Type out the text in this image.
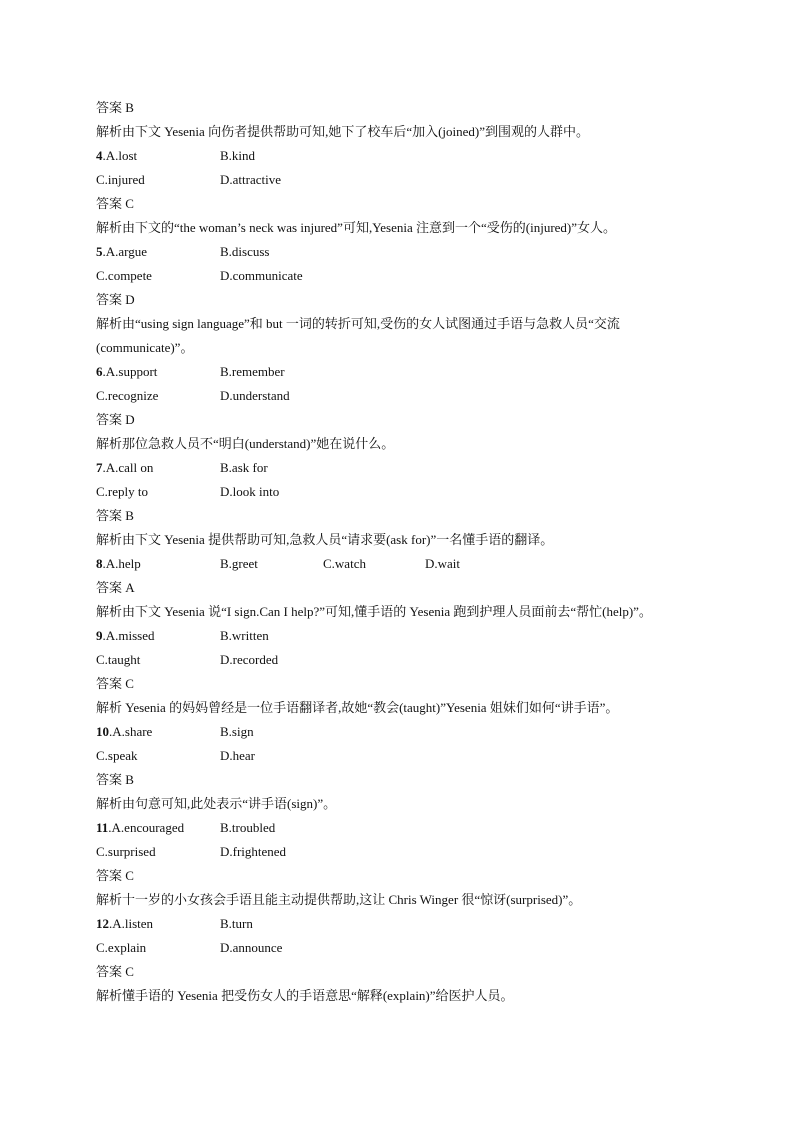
答案 B
解析由下文 Yesenia 向伤者提供帮助可知,她下了校车后“加入(joined)”到围观的人群中。
4.A.lost	B.kind
C.injured	D.attractive
答案 C
解析由下文的“the woman’s neck was injured”可知,Yesenia 注意到一个“受伤的(injured)”女人。
5.A.argue	B.discuss
C.compete	D.communicate
答案 D
解析由“using sign language”和 but 一词的转折可知,受伤的女人试图通过手语与急救人员“交流(communicate)”。
6.A.support	B.remember
C.recognize	D.understand
答案 D
解析那位急救人员不“明白(understand)”她在说什么。
7.A.call on	B.ask for
C.reply to	D.look into
答案 B
解析由下文 Yesenia 提供帮助可知,急救人员“请求要(ask for)”一名懂手语的翻译。
8.A.help	B.greet	C.watch	D.wait
答案 A
解析由下文 Yesenia 说“I sign.Can I help?”可知,懂手语的 Yesenia 跑到护理人员面前去“帮忙(help)”。
9.A.missed	B.written
C.taught	D.recorded
答案 C
解析 Yesenia 的妈妈曾经是一位手语翻译者,故她“教会(taught)”Yesenia 姐妹们如何“讲手语”。
10.A.share	B.sign
C.speak	D.hear
答案 B
解析由句意可知,此处表示“讲手语(sign)”。
11.A.encouraged	B.troubled
C.surprised	D.frightened
答案 C
解析十一岁的小女孩会手语且能主动提供帮助,这让 Chris Winger 很“惊讶(surprised)”。
12.A.listen	B.turn
C.explain	D.announce
答案 C
解析懂手语的 Yesenia 把受伤女人的手语意思“解释(explain)”给医护人员。
